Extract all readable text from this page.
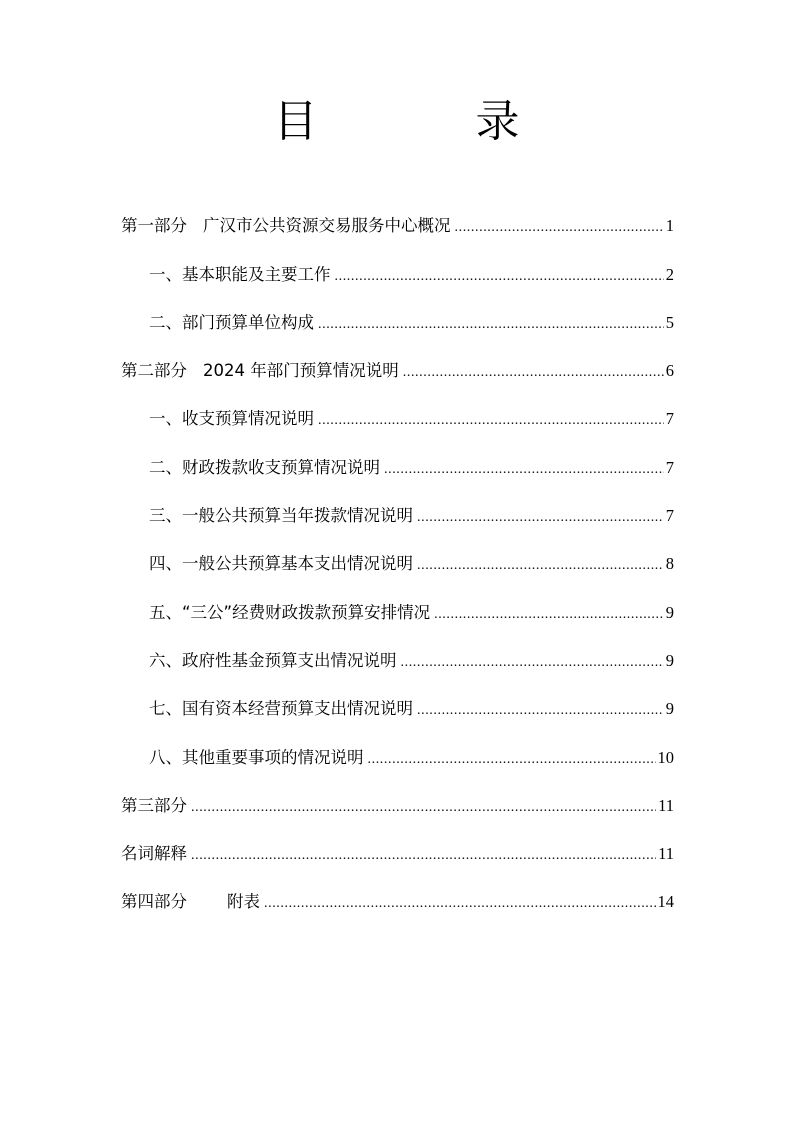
目 录
第一部分 广汉市公共资源交易服务中心概况 .....	1
一、基本职能及主要工作 .....	2
二、部门预算单位构成 .....	5
第二部分 2024 年部门预算情况说明 .....	6
一、收支预算情况说明 .....	7
二、财政拨款收支预算情况说明 .....	7
三、一般公共预算当年拨款情况说明 .....	7
四、一般公共预算基本支出情况说明 .....	8
五、“三公”经费财政拨款预算安排情况 .....	9
六、政府性基金预算支出情况说明 .....	9
七、国有资本经营预算支出情况说明 .....	9
八、其他重要事项的情况说明 .....	10
第三部分 .....	11
名词解释 .....	11
第四部分 附表 .....	14
